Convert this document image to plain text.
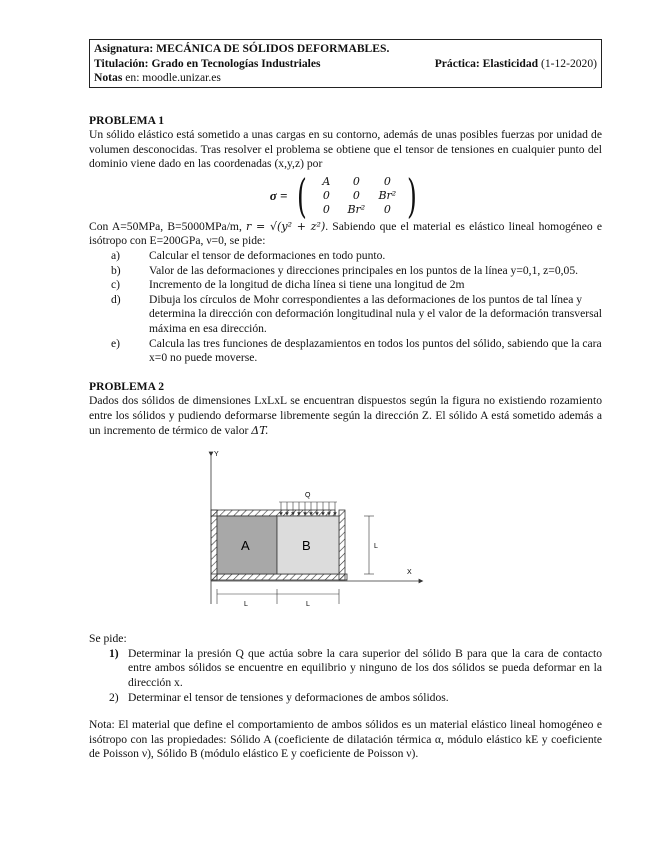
Asignatura: MECÁNICA DE SÓLIDOS DEFORMABLES.
Titulación: Grado en Tecnologías Industriales	Práctica: Elasticidad (1-12-2020)
Notas en: moodle.unizar.es
PROBLEMA 1

Un sólido elástico está sometido a unas cargas en su contorno, además de unas posibles fuerzas por unidad de volumen desconocidas. Tras resolver el problema se obtiene que el tensor de tensiones en cualquier punto del dominio viene dado en las coordenadas (x,y,z) por

σ = (	A	0	0
0	0	Br²
0	Br²	0 )

Con A=50MPa, B=5000MPa/m, r = √(y² + z²). Sabiendo que el material es elástico lineal homogéneo e isótropo con E=200GPa, ν=0, se pide:

a)	Calcular el tensor de deformaciones en todo punto.
b)	Valor de las deformaciones y direcciones principales en los puntos de la línea y=0,1, z=0,05.
c)	Incremento de la longitud de dicha línea si tiene una longitud de 2m
d)	Dibuja los círculos de Mohr correspondientes a las deformaciones de los puntos de tal línea y determina la dirección con deformación longitudinal nula y el valor de la deformación transversal máxima en esa dirección.
e)	Calcula las tres funciones de desplazamientos en todos los puntos del sólido, sabiendo que la cara x=0 no puede moverse.
PROBLEMA 2

Dados dos sólidos de dimensiones LxLxL se encuentran dispuestos según la figura no existiendo rozamiento entre los sólidos y pudiendo deformarse libremente según la dirección Z. El sólido A está sometido además a un incremento de térmico de valor ΔT.

Y
X
A	B
Q
L
L	L

Se pide:

1) Determinar la presión Q que actúa sobre la cara superior del sólido B para que la cara de contacto entre ambos sólidos se encuentre en equilibrio y ninguno de los dos sólidos se pueda deformar en la dirección x.
2) Determinar el tensor de tensiones y deformaciones de ambos sólidos.

Nota: El material que define el comportamiento de ambos sólidos es un material elástico lineal homogéneo e isótropo con las propiedades: Sólido A (coeficiente de dilatación térmica α, módulo elástico kE y coeficiente de Poisson ν), Sólido B (módulo elástico E y coeficiente de Poisson ν).
